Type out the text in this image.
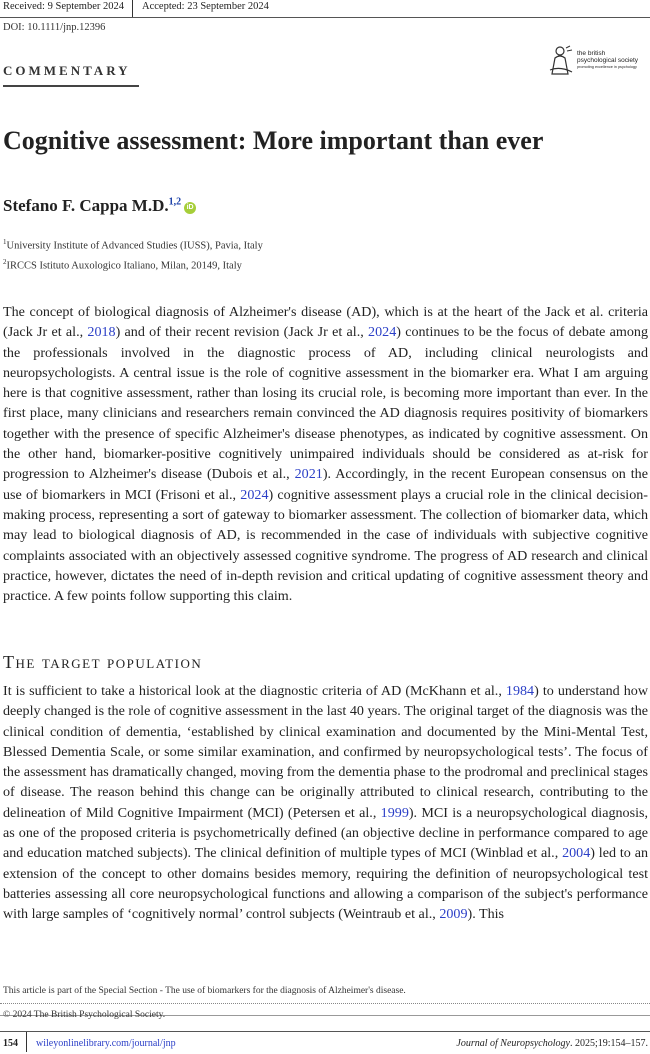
Received: 9 September 2024 Accepted: 23 September 2024
DOI: 10.1111/jnp.12396
COMMENTARY
the british
psychological society
promoting excellence in psychology
Cognitive assessment: More important than ever
Stefano F. Cappa M.D.$^{1,2}$iD
$^1$University Institute of Advanced Studies (IUSS), Pavia, Italy
$^2$IRCCS Istituto Auxologico Italiano, Milan, 20149, Italy

The concept of biological diagnosis of Alzheimer's disease (AD), which is at the heart of the Jack et al. criteria (Jack Jr et al., 2018) and of their recent revision (Jack Jr et al., 2024) continues to be the focus of debate among the professionals involved in the diagnostic process of AD, including clinical neurologists and neuropsychologists. A central issue is the role of cognitive assessment in the biomarker era. What I am arguing here is that cognitive assessment, rather than losing its crucial role, is becoming more important than ever. In the first place, many clinicians and researchers remain convinced the AD diagnosis requires positivity of biomarkers together with the presence of specific Alzheimer's disease phenotypes, as indicated by cognitive assessment. On the other hand, biomarker-positive cognitively unimpaired individuals should be considered as at-risk for progression to Alzheimer's disease (Dubois et al., 2021). Accordingly, in the recent European consensus on the use of biomarkers in MCI (Frisoni et al., 2024) cognitive assessment plays a crucial role in the clinical decision-making process, representing a sort of gateway to biomarker assessment. The collection of biomarker data, which may lead to biological diagnosis of AD, is recommended in the case of individuals with subjective cognitive complaints associated with an objectively assessed cognitive syndrome. The progress of AD research and clinical practice, however, dictates the need of in-depth revision and critical updating of cognitive assessment theory and practice. A few points follow supporting this claim.

The target population

It is sufficient to take a historical look at the diagnostic criteria of AD (McKhann et al., 1984) to understand how deeply changed is the role of cognitive assessment in the last 40 years. The original target of the diagnosis was the clinical condition of dementia, ‘established by clinical examination and documented by the Mini-Mental Test, Blessed Dementia Scale, or some similar examination, and confirmed by neuropsychological tests’. The focus of the assessment has dramatically changed, moving from the dementia phase to the prodromal and preclinical stages of disease. The reason behind this change can be originally attributed to clinical research, contributing to the delineation of Mild Cognitive Impairment (MCI) (Petersen et al., 1999). MCI is a neuropsychological diagnosis, as one of the proposed criteria is psychometrically defined (an objective decline in performance compared to age and education matched subjects). The clinical definition of multiple types of MCI (Winblad et al., 2004) led to an extension of the concept to other domains besides memory, requiring the definition of neuropsychological test batteries assessing all core neuropsychological functions and allowing a comparison of the subject's performance with large samples of ‘cognitively normal’ control subjects (Weintraub et al., 2009). This

This article is part of the Special Section - The use of biomarkers for the diagnosis of Alzheimer's disease.
© 2024 The British Psychological Society.
154 wileyonlinelibrary.com/journal/jnp	Journal of Neuropsychology. 2025;19:154–157.
